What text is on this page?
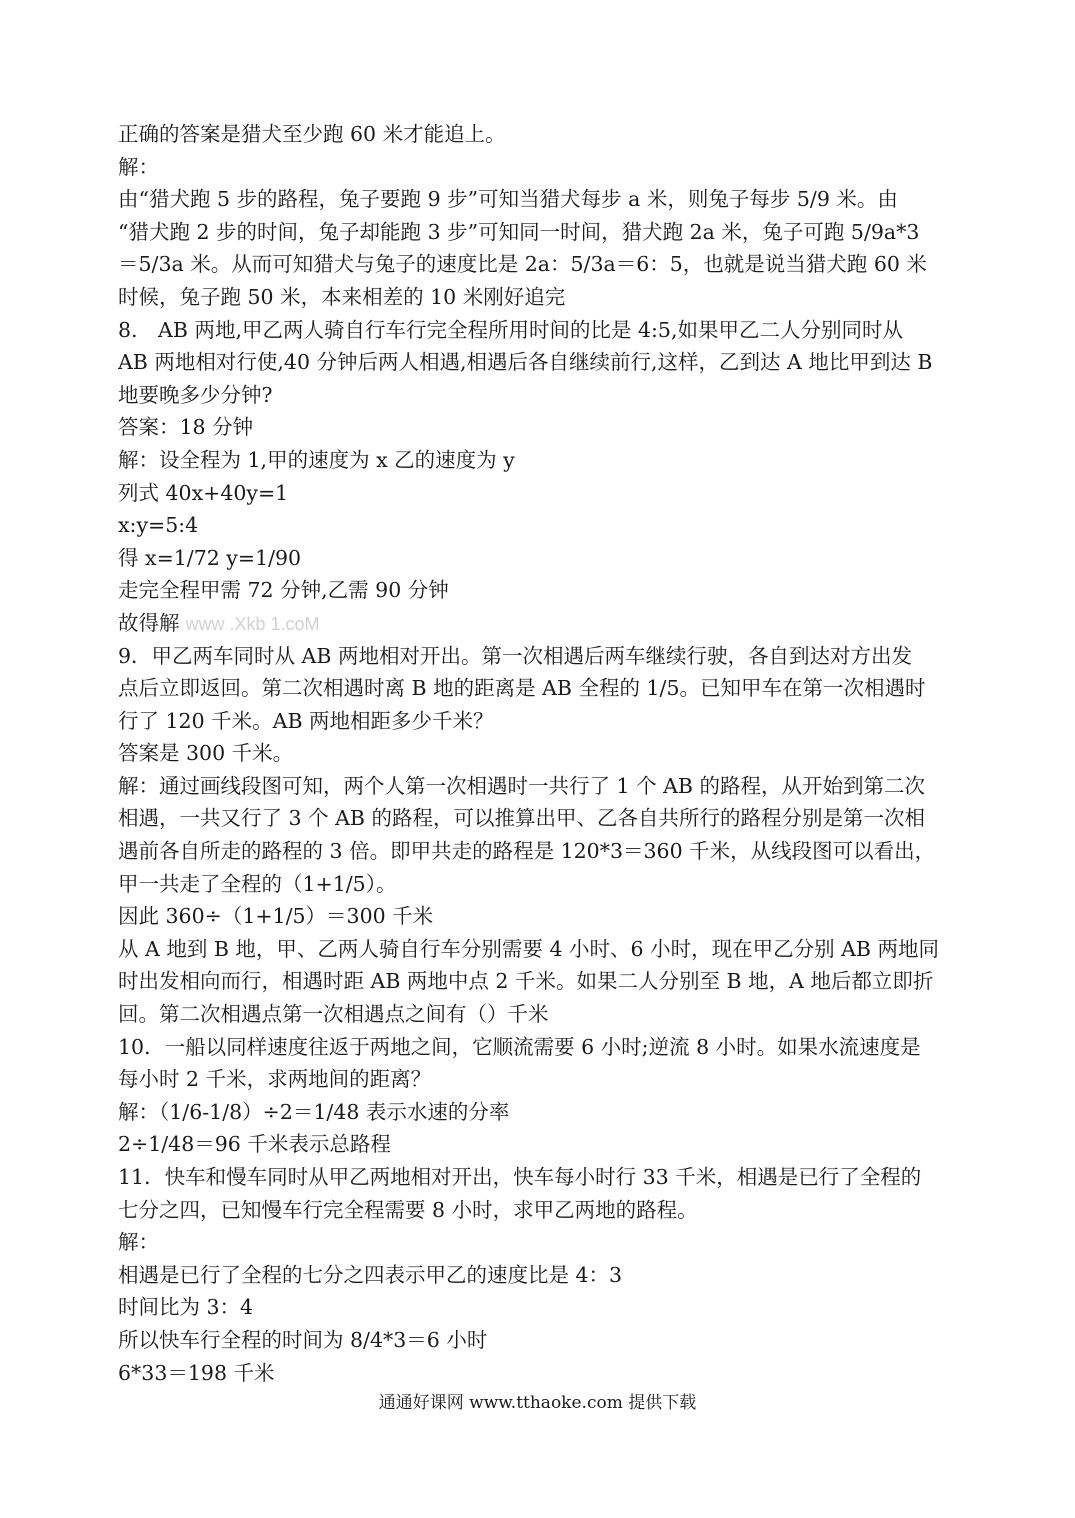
正确的答案是猎犬至少跑 60 米才能追上。
解：
由“猎犬跑 5 步的路程，兔子要跑 9 步”可知当猎犬每步 a 米，则兔子每步 5/9 米。由
“猎犬跑 2 步的时间，兔子却能跑 3 步”可知同一时间，猎犬跑 2a 米，兔子可跑 5/9a*3
＝5/3a 米。从而可知猎犬与兔子的速度比是 2a：5/3a＝6：5，也就是说当猎犬跑 60 米
时候，兔子跑 50 米，本来相差的 10 米刚好追完
8.　AB 两地,甲乙两人骑自行车行完全程所用时间的比是 4:5,如果甲乙二人分别同时从
AB 两地相对行使,40 分钟后两人相遇,相遇后各自继续前行,这样，乙到达 A 地比甲到达 B
地要晚多少分钟?
答案：18 分钟
解：设全程为 1,甲的速度为 x 乙的速度为 y
列式 40x+40y=1
x:y=5:4
得 x=1/72 y=1/90
走完全程甲需 72 分钟,乙需 90 分钟
故得解 www .Xkb 1.coM
9．甲乙两车同时从 AB 两地相对开出。第一次相遇后两车继续行驶，各自到达对方出发
点后立即返回。第二次相遇时离 B 地的距离是 AB 全程的 1/5。已知甲车在第一次相遇时
行了 120 千米。AB 两地相距多少千米？
答案是 300 千米。
解：通过画线段图可知，两个人第一次相遇时一共行了 1 个 AB 的路程，从开始到第二次
相遇，一共又行了 3 个 AB 的路程，可以推算出甲、乙各自共所行的路程分别是第一次相
遇前各自所走的路程的 3 倍。即甲共走的路程是 120*3＝360 千米，从线段图可以看出，
甲一共走了全程的（1+1/5）。
因此 360÷（1+1/5）＝300 千米
从 A 地到 B 地，甲、乙两人骑自行车分别需要 4 小时、6 小时，现在甲乙分别 AB 两地同
时出发相向而行，相遇时距 AB 两地中点 2 千米。如果二人分别至 B 地，A 地后都立即折
回。第二次相遇点第一次相遇点之间有（）千米
10．一船以同样速度往返于两地之间，它顺流需要 6 小时;逆流 8 小时。如果水流速度是
每小时 2 千米，求两地间的距离？
解：（1/6-1/8）÷2＝1/48 表示水速的分率
2÷1/48＝96 千米表示总路程
11．快车和慢车同时从甲乙两地相对开出，快车每小时行 33 千米，相遇是已行了全程的
七分之四，已知慢车行完全程需要 8 小时，求甲乙两地的路程。
解：
相遇是已行了全程的七分之四表示甲乙的速度比是 4：3
时间比为 3：4
所以快车行全程的时间为 8/4*3＝6 小时
6*33＝198 千米
通通好课网 www.tthaoke.com 提供下载
